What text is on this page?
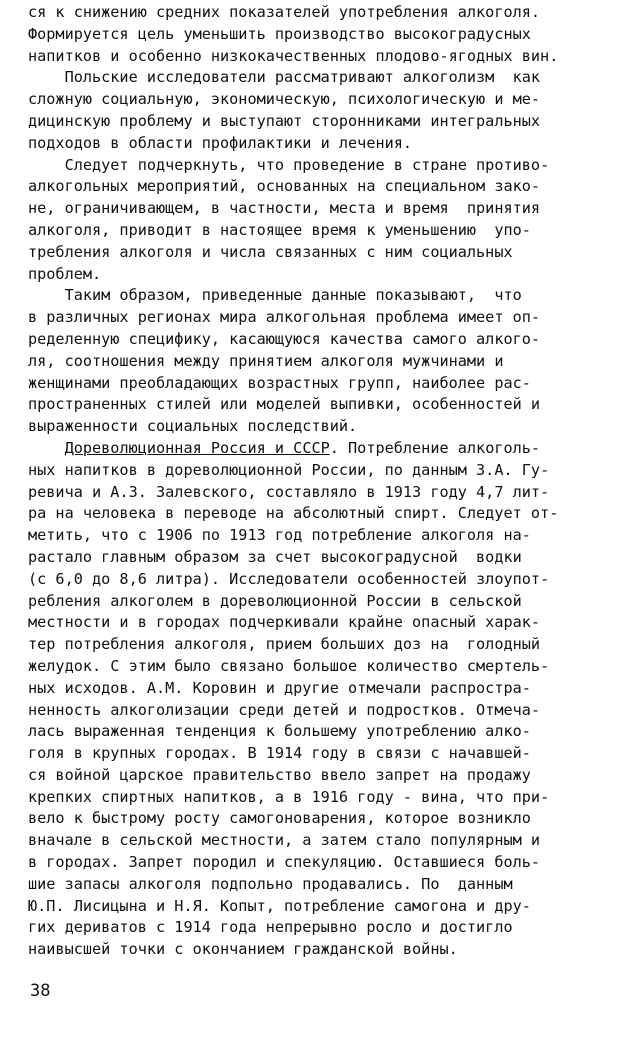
ся к снижению средних показателей употребления алкоголя.
Формируется цель уменьшить производство высокоградусных
напитков и особенно низкокачественных плодово-ягодных вин.
Польские исследователи рассматривают алкоголизм  как
сложную социальную, экономическую, психологическую и ме-
дицинскую проблему и выступают сторонниками интегральных
подходов в области профилактики и лечения.
Следует подчеркнуть, что проведение в стране противо-
алкогольных мероприятий, основанных на специальном зако-
не, ограничивающем, в частности, места и время  принятия
алкоголя, приводит в настоящее время к уменьшению  упо-
требления алкоголя и числа связанных с ним социальных
проблем.
Таким образом, приведенные данные показывают,  что
в различных регионах мира алкогольная проблема имеет оп-
ределенную специфику, касающуюся качества самого алкого-
ля, соотношения между принятием алкоголя мужчинами и
женщинами преобладающих возрастных групп, наиболее рас-
пространенных стилей или моделей выпивки, особенностей и
выраженности социальных последствий.
Дореволюционная Россия и СССР. Потребление алкоголь-
ных напитков в дореволюционной России, по данным З.А. Гу-
ревича и А.З. Залевского, составляло в 1913 году 4,7 лит-
ра на человека в переводе на абсолютный спирт. Следует от-
метить, что с 1906 по 1913 год потребление алкоголя на-
растало главным образом за счет высокоградусной  водки
(с 6,0 до 8,6 литра). Исследователи особенностей злоупот-
ребления алкоголем в дореволюционной России в сельской
местности и в городах подчеркивали крайне опасный харак-
тер потребления алкоголя, прием больших доз на  голодный
желудок. С этим было связано большое количество смертель-
ных исходов. А.М. Коровин и другие отмечали распростра-
ненность алкоголизации среди детей и подростков. Отмеча-
лась выраженная тенденция к большему употреблению алко-
голя в крупных городах. В 1914 году в связи с начавшей-
ся войной царское правительство ввело запрет на продажу
крепких спиртных напитков, а в 1916 году - вина, что при-
вело к быстрому росту самогоноварения, которое возникло
вначале в сельской местности, а затем стало популярным и
в городах. Запрет породил и спекуляцию. Оставшиеся боль-
шие запасы алкоголя подпольно продавались. По  данным
Ю.П. Лисицына и Н.Я. Копыт, потребление самогона и дру-
гих дериватов с 1914 года непрерывно росло и достигло
наивысшей точки с окончанием гражданской войны.
38
